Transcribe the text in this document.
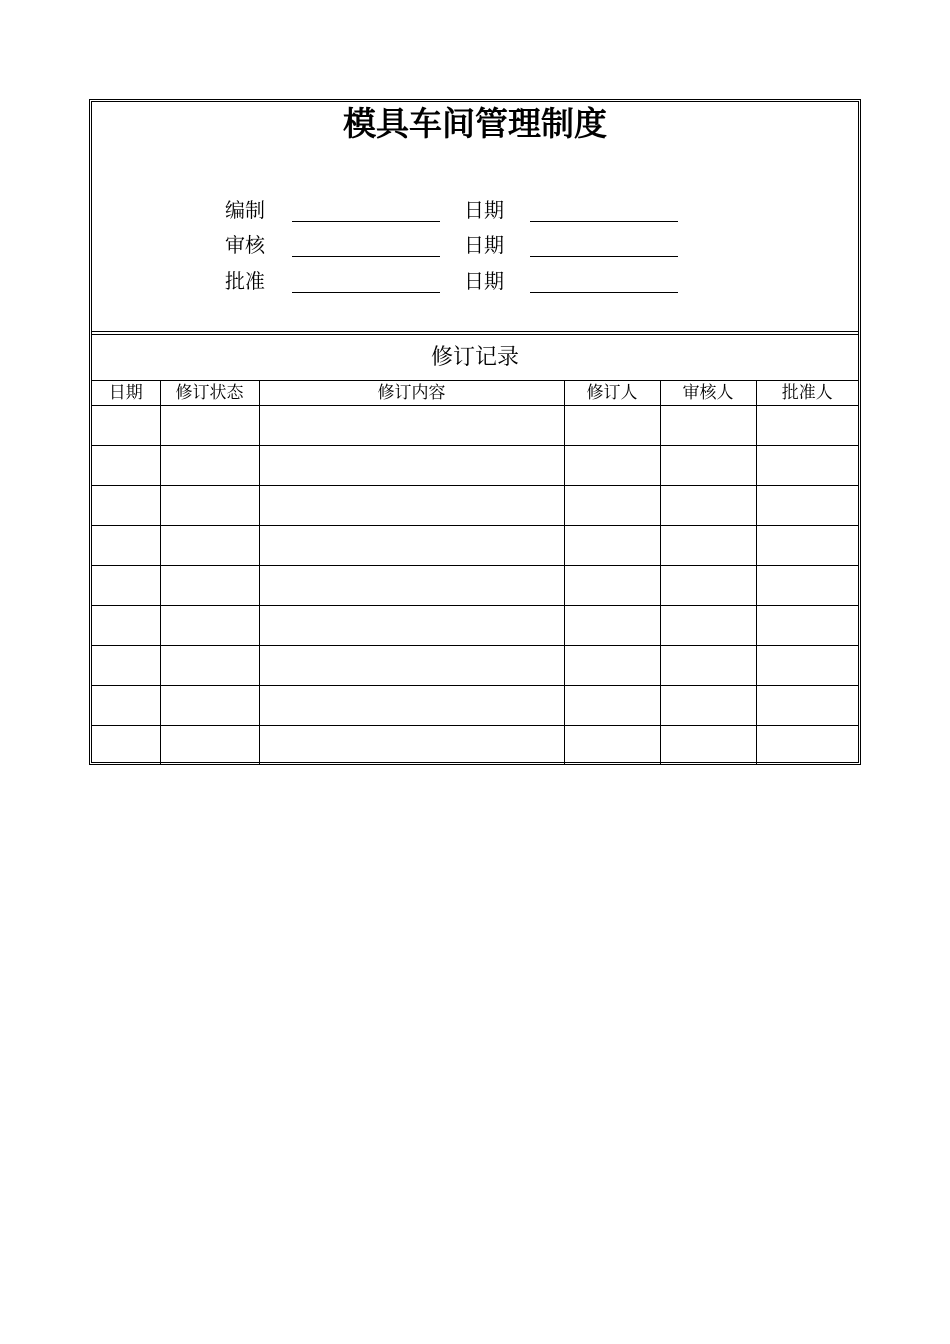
模具车间管理制度
编制	日期
审核	日期
批准	日期
修订记录
日期	修订状态	修订内容	修订人	审核人	批准人
